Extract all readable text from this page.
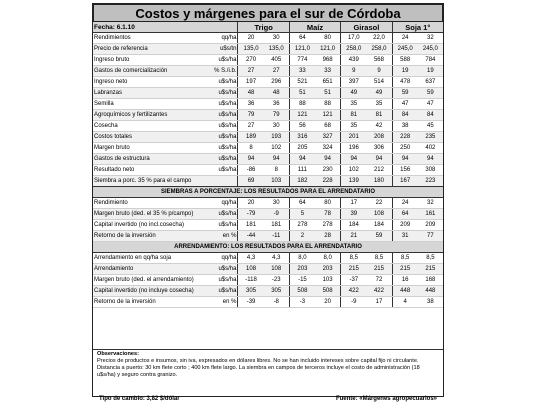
Costos y márgenes para el sur de Córdoba
Fecha: 6.1.10		Trigo		Maíz		Girasol		Soja 1°	
Rendimientos	qq/ha	20	30	64	80	17,0	22,0	24	32
Precio de referencia	u$s/tn	135,0	135,0	121,0	121,0	258,0	258,0	245,0	245,0
Ingreso bruto	u$s/ha	270	405	774	968	439	568	588	784
Gastos de comercialización	% S./i.b.	27	27	33	33	9	9	19	19
Ingreso neto	u$s/ha	197	296	521	651	397	514	478	637
Labranzas	u$s/ha	48	48	51	51	49	49	59	59
Semilla	u$s/ha	36	36	88	88	35	35	47	47
Agroquímicos y fertilizantes	u$s/ha	79	79	121	121	81	81	84	84
Cosecha	u$s/ha	27	30	56	68	35	42	38	45
Costos totales	u$s/ha	189	193	316	327	201	208	228	235
Margen bruto	u$s/ha	8	102	205	324	196	306	250	402
Gastos de estructura	u$s/ha	94	94	94	94	94	94	94	94
Resultado neto	u$s/ha	-86	8	111	230	102	212	156	308
Siembra a porc. 35 % para el campo		69	103	182	228	139	180	167	223
SIEMBRAS A PORCENTAJE: LOS RESULTADOS PARA EL ARRENDATARIO									
Rendimiento	qq/ha	20	30	64	80	17	22	24	32
Margen bruto (ded. el 35 % p/campo)	u$s/ha	-79	-9	5	78	39	108	64	161
Capital invertido (no incl.cosecha)	u$s/ha	181	181	278	278	184	184	209	209
Retorno de la inversión	en %	-44	-11	2	28	21	59	31	77
ARRENDAMIENTO: LOS RESULTADOS PARA EL ARRENDATARIO									
Arrendamiento en qq/ha soja	qq/ha	4,3	4,3	8,0	8,0	8,5	8,5	8,5	8,5
Arrendamiento	u$s/ha	108	108	203	203	215	215	215	215
Margen bruto (ded. el arrendamiento)	u$s/ha	-118	-23	-15	103	-37	72	16	168
Capital invertido (no incluye cosecha)	u$s/ha	305	305	508	508	422	422	448	448
Retorno de la inversión	en %	-39	-8	-3	20	-9	17	4	38
Observaciones:
Precios de productos e insumos, sin iva, expresados en dólares libres. No se han incluido intereses sobre capital fijo ni circulante. Distancia a puerto: 30 km flete corto ; 400 km flete largo. La siembra en campos de terceros incluye el costo de administración (18 u$s/ha) y seguro contra granizo.
Tipo de cambio: 3,82 $/dólar	Fuente: «Márgenes agropecuarios»
